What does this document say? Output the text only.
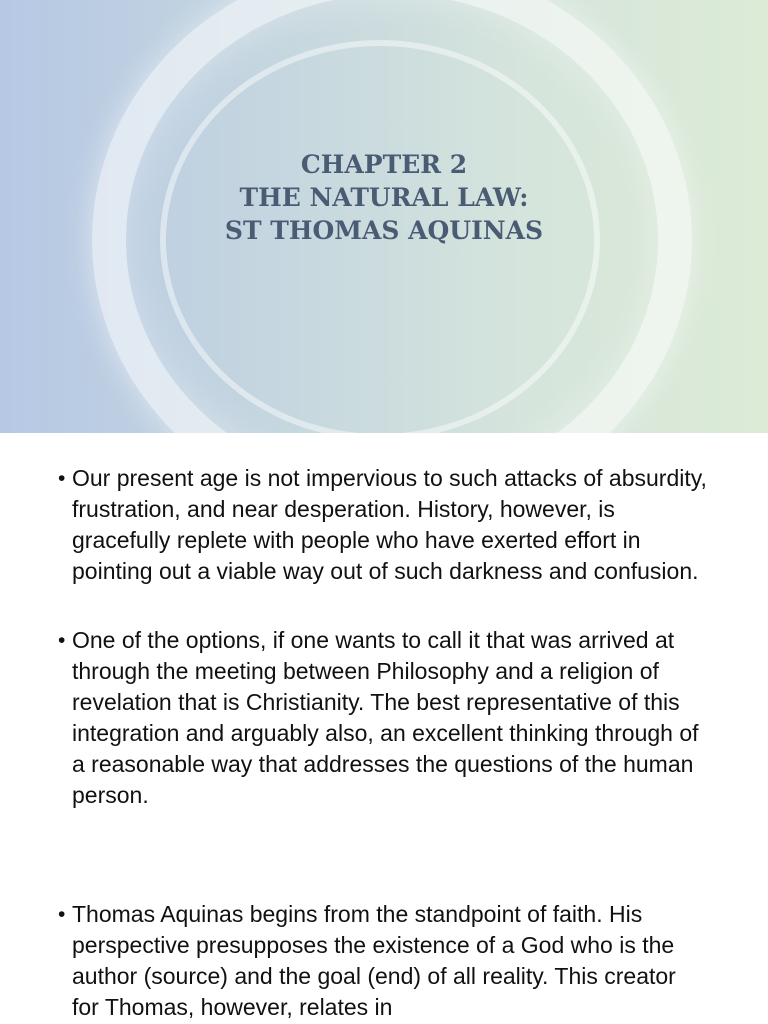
CHAPTER 2
THE NATURAL LAW:
ST THOMAS AQUINAS
• Our present age is not impervious to such attacks of absurdity, frustration, and near desperation. History, however, is gracefully replete with people who have exerted effort in pointing out a viable way out of such darkness and confusion.
• One of the options, if one wants to call it that was arrived at through the meeting between Philosophy and a religion of revelation that is Christianity. The best representative of this integration and arguably also, an excellent thinking through of a reasonable way that addresses the questions of the human person.
• Thomas Aquinas begins from the standpoint of faith. His perspective presupposes the existence of a God who is the author (source) and the goal (end) of all reality. This creator for Thomas, however, relates in
